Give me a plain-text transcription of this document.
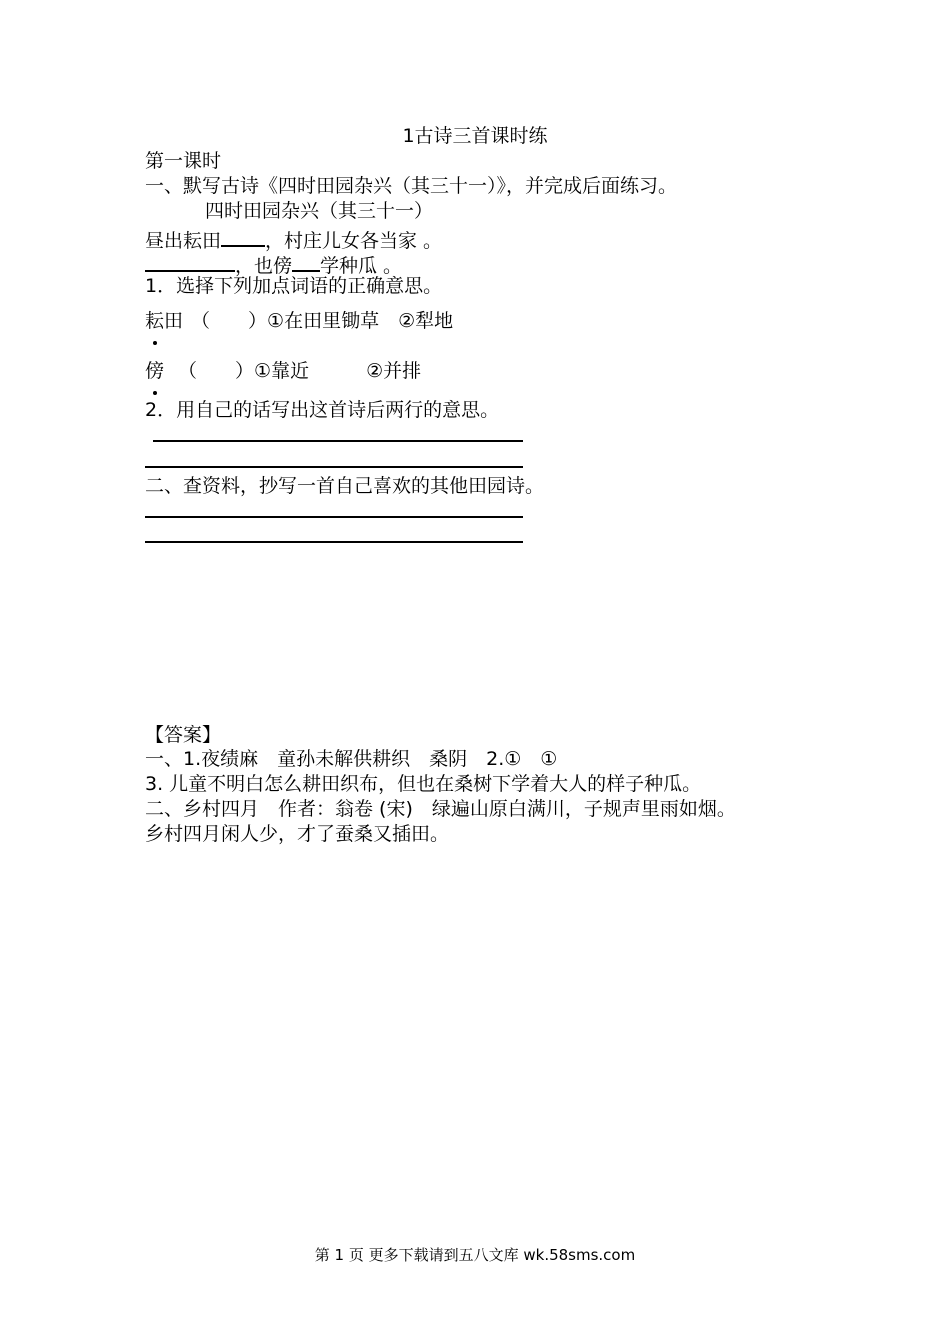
1古诗三首课时练
第一课时
一、默写古诗《四时田园杂兴（其三十一）》，并完成后面练习。
四时田园杂兴（其三十一）
昼出耘田 ，村庄儿女各当家 。
，也傍 学种瓜 。
1．选择下列加点词语的正确意思。
耘田 （　　）①在田里锄草　②犁地
傍 （　　）①靠近　　　②并排
2．用自己的话写出这首诗后两行的意思。
二、查资料，抄写一首自己喜欢的其他田园诗。
【答案】
一、1.夜绩麻　童孙未解供耕织　桑阴　2.①　①
3. 儿童不明白怎么耕田织布，但也在桑树下学着大人的样子种瓜。
二、乡村四月　作者：翁卷 (宋)　绿遍山原白满川，子规声里雨如烟。
乡村四月闲人少，才了蚕桑又插田。
第 1 页 更多下载请到五八文库 wk.58sms.com
